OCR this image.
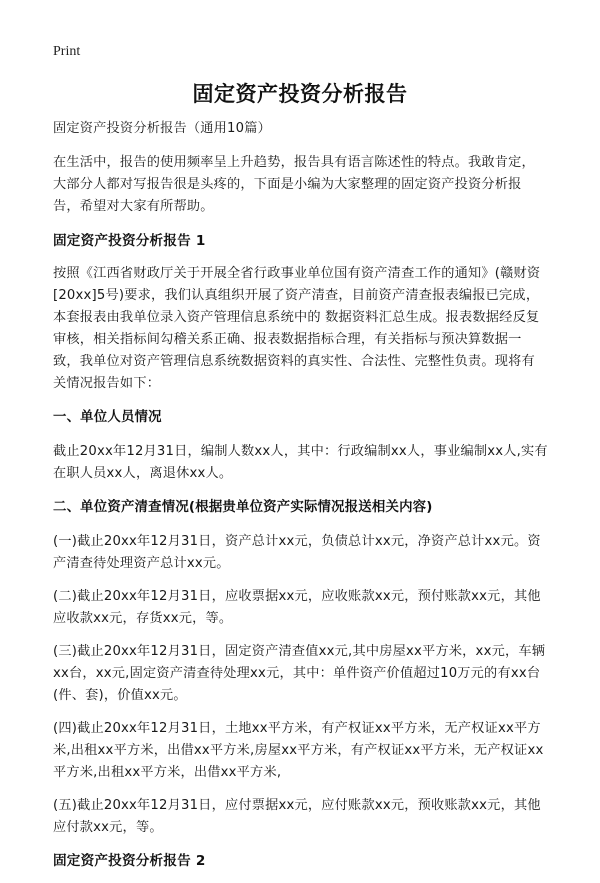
Print
固定资产投资分析报告

固定资产投资分析报告（通用10篇）

在生活中，报告的使用频率呈上升趋势，报告具有语言陈述性的特点。我敢肯定，大部分人都对写报告很是头疼的，下面是小编为大家整理的固定资产投资分析报告，希望对大家有所帮助。

固定资产投资分析报告 1

按照《江西省财政厅关于开展全省行政事业单位国有资产清查工作的通知》(赣财资[20xx]5号)要求，我们认真组织开展了资产清查，目前资产清查报表编报已完成，本套报表由我单位录入资产管理信息系统中的 数据资料汇总生成。报表数据经反复审核，相关指标间勾稽关系正确、报表数据指标合理，有关指标与预决算数据一致，我单位对资产管理信息系统数据资料的真实性、合法性、完整性负责。现将有关情况报告如下：

一、单位人员情况

截止20xx年12月31日，编制人数xx人，其中：行政编制xx人，事业编制xx人,实有在职人员xx人，离退休xx人。

二、单位资产清查情况(根据贵单位资产实际情况报送相关内容)

(一)截止20xx年12月31日，资产总计xx元，负债总计xx元，净资产总计xx元。资产清查待处理资产总计xx元。

(二)截止20xx年12月31日，应收票据xx元，应收账款xx元，预付账款xx元，其他应收款xx元，存货xx元，等。

(三)截止20xx年12月31日，固定资产清查值xx元,其中房屋xx平方米，xx元，车辆xx台，xx元,固定资产清查待处理xx元，其中：单件资产价值超过10万元的有xx台(件、套)，价值xx元。

(四)截止20xx年12月31日，土地xx平方米，有产权证xx平方米，无产权证xx平方米,出租xx平方米，出借xx平方米,房屋xx平方米，有产权证xx平方米，无产权证xx平方米,出租xx平方米，出借xx平方米,

(五)截止20xx年12月31日，应付票据xx元，应付账款xx元，预收账款xx元，其他应付款xx元，等。

固定资产投资分析报告 2
